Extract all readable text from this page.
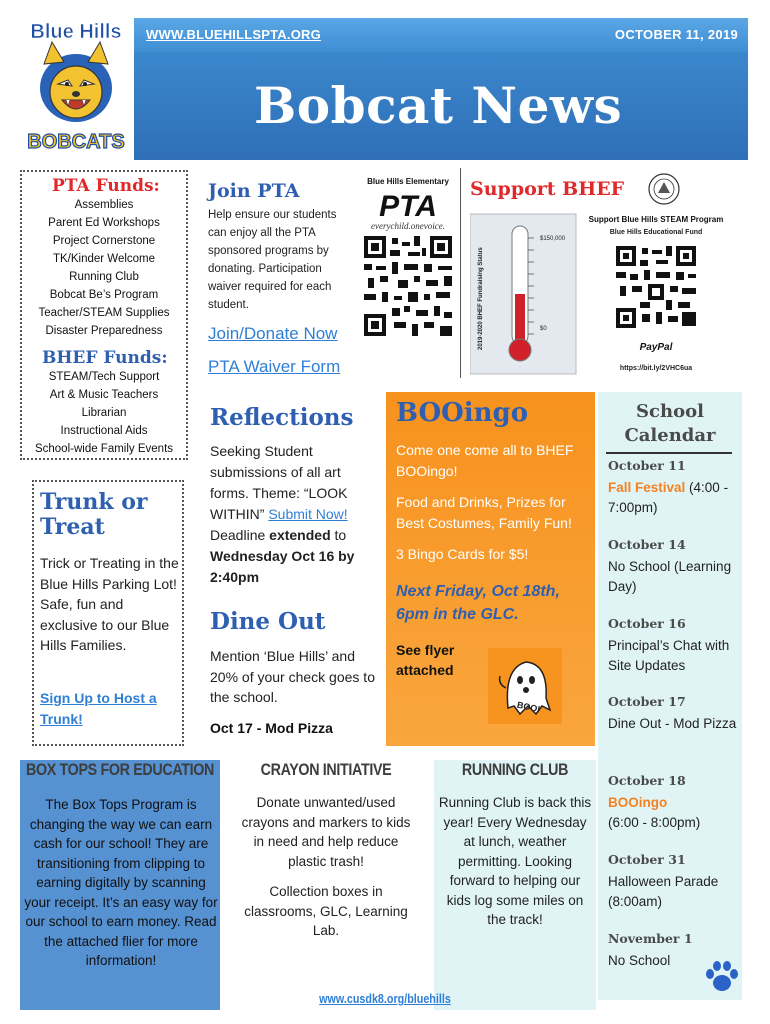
Blue Hills
BOBCATS
WWW.BLUEHILLSPTA.ORG	OCTOBER 11, 2019
Bobcat News
PTA Funds:
Assemblies
Parent Ed Workshops
Project Cornerstone
TK/Kinder Welcome
Running Club
Bobcat Be’s Program
Teacher/STEAM Supplies
Disaster Preparedness
BHEF Funds:
STEAM/Tech Support
Art & Music Teachers
Librarian
Instructional Aids
School-wide Family Events
Trunk or Treat
Trick or Treating in the Blue Hills Parking Lot! Safe, fun and exclusive to our Blue Hills Families.
Sign Up to Host a Trunk!
Join PTA
Help ensure our students can enjoy all the PTA sponsored programs by donating. Participation waiver required for each student.
Join/Donate Now
PTA Waiver Form
Blue Hills Elementary
PTA
everychild.onevoice.
Support BHEF
2019-2020 BHEF Fundraising Status
$150,000
$0
Support Blue Hills STEAM Program
Blue Hills Educational Fund
PayPal
https://bit.ly/2VHC6ua
Reflections
Seeking Student submissions of all art forms. Theme: “LOOK WITHIN” Submit Now! Deadline extended to Wednesday Oct 16 by 2:40pm
Dine Out
Mention ‘Blue Hills’ and 20% of your check goes to the school.
Oct 17 - Mod Pizza
BOOingo
Come one come all to BHEF BOOingo!
Food and Drinks, Prizes for Best Costumes, Family Fun!
3 Bingo Cards for $5!
Next Friday, Oct 18th, 6pm in the GLC.
See flyer attached
BOO!
School Calendar
October 11
Fall Festival (4:00 - 7:00pm)
October 14
No School (Learning Day)
October 16
Principal’s Chat with Site Updates
October 17
Dine Out - Mod Pizza
October 18
BOOingo
(6:00 - 8:00pm)
October 31
Halloween Parade (8:00am)
November 1
No School
BOX TOPS FOR EDUCATION	CRAYON INITIATIVE	RUNNING CLUB
The Box Tops Program is changing the way we can earn cash for our school! They are transitioning from clipping to earning digitally by scanning your receipt. It’s an easy way for our school to earn money. Read the attached flier for more information!
Donate unwanted/used crayons and markers to kids in need and help reduce plastic trash!
Collection boxes in classrooms, GLC, Learning Lab.
Running Club is back this year! Every Wednesday at lunch, weather permitting. Looking forward to helping our kids log some miles on the track!
www.cusdk8.org/bluehills
